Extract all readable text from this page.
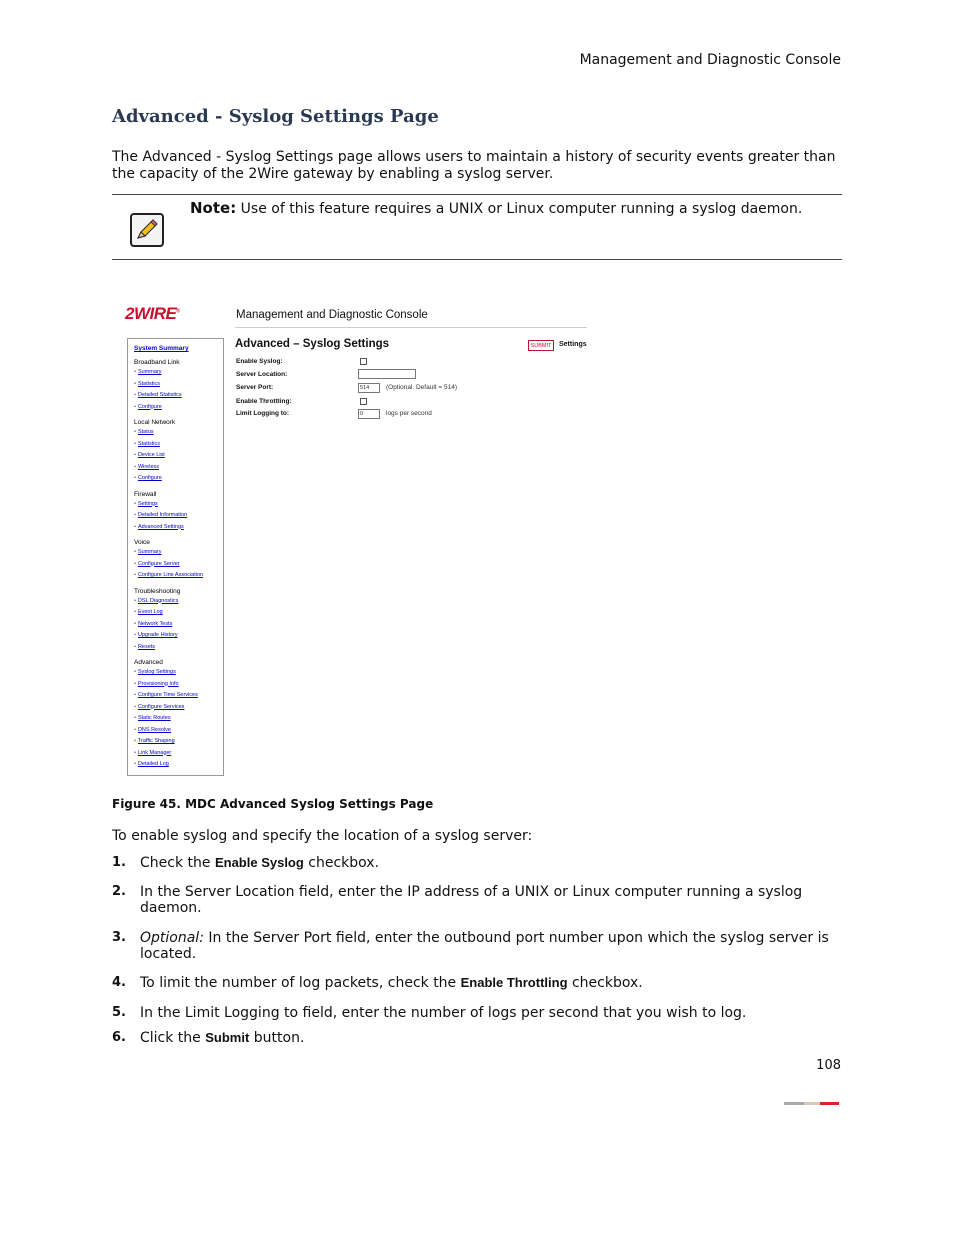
Management and Diagnostic Console
Advanced - Syslog Settings Page
The Advanced - Syslog Settings page allows users to maintain a history of security events greater than the capacity of the 2Wire gateway by enabling a syslog server.
Note: Use of this feature requires a UNIX or Linux computer running a syslog daemon.
2WIRE®	Management and Diagnostic Console
System Summary
Broadband Link
• Summary
• Statistics
• Detailed Statistics
• Configure
Local Network
• Status
• Statistics
• Device List
• Wireless
• Configure
Firewall
• Settings
• Detailed Information
• Advanced Settings
Voice
• Summary
• Configure Server
• Configure Line Association
Troubleshooting
• DSL Diagnostics
• Event Log
• Network Tests
• Upgrade History
• Resets
Advanced
• Syslog Settings
• Provisioning Info
• Configure Time Services
• Configure Services
• Static Routes
• DNS Resolve
• Traffic Shaping
• Link Manager
• Detailed Log
Advanced – Syslog Settings	SUBMIT	Settings
Enable Syslog:
Server Location:
Server Port:	514	(Optional. Default = 514)
Enable Throttling:
Limit Logging to:	0	logs per second
Figure 45. MDC Advanced Syslog Settings Page
To enable syslog and specify the location of a syslog server:
1. Check the Enable Syslog checkbox.
2. In the Server Location field, enter the IP address of a UNIX or Linux computer running a syslog daemon.
3. Optional: In the Server Port field, enter the outbound port number upon which the syslog server is located.
4. To limit the number of log packets, check the Enable Throttling checkbox.
5. In the Limit Logging to field, enter the number of logs per second that you wish to log.
6. Click the Submit button.
108
